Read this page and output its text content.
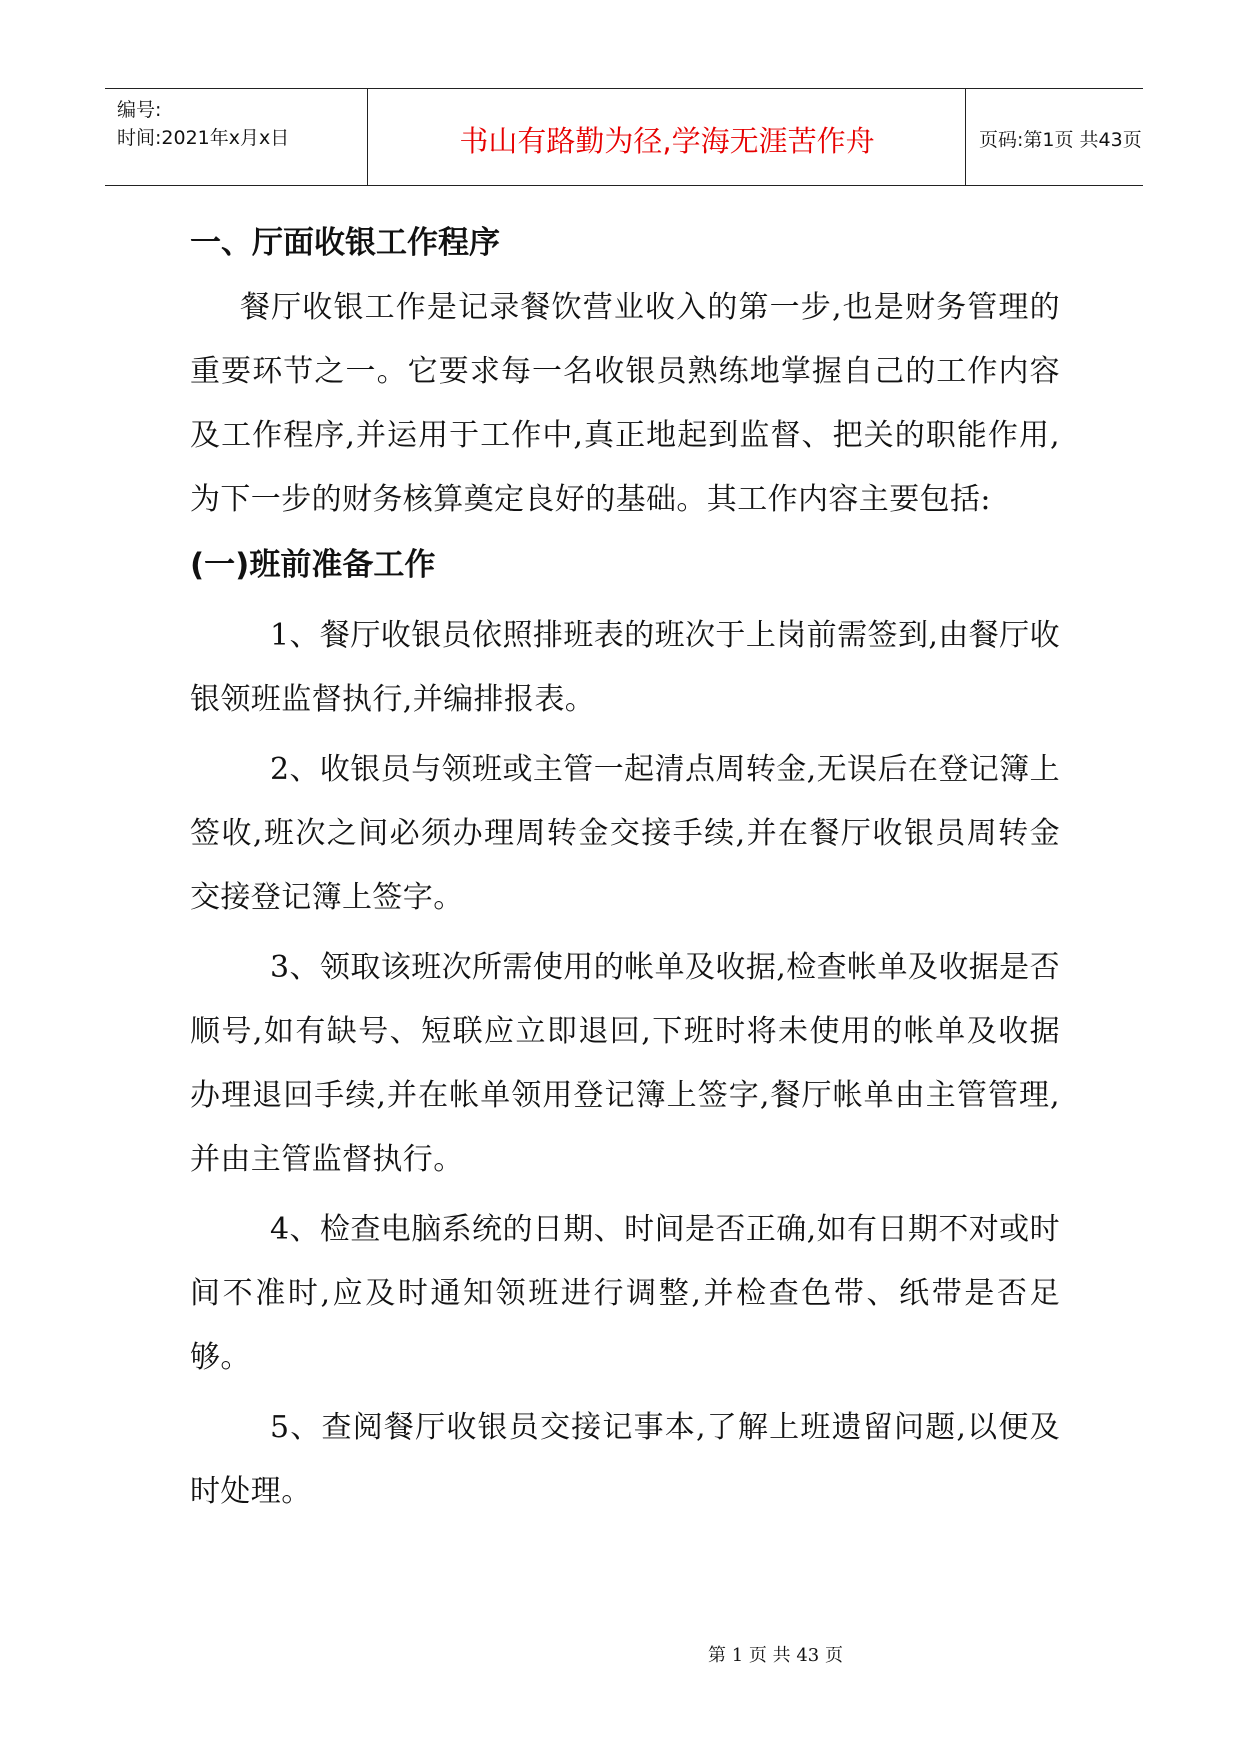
编号:
时间:2021年x月x日	书山有路勤为径,学海无涯苦作舟	页码:第1页 共43页
一、厅面收银工作程序
餐厅收银工作是记录餐饮营业收入的第一步,也是财务管理的重要环节之一。它要求每一名收银员熟练地掌握自己的工作内容及工作程序,并运用于工作中,真正地起到监督、把关的职能作用,为下一步的财务核算奠定良好的基础。其工作内容主要包括:
(一)班前准备工作
1、餐厅收银员依照排班表的班次于上岗前需签到,由餐厅收银领班监督执行,并编排报表。
2、收银员与领班或主管一起清点周转金,无误后在登记簿上签收,班次之间必须办理周转金交接手续,并在餐厅收银员周转金交接登记簿上签字。
3、领取该班次所需使用的帐单及收据,检查帐单及收据是否顺号,如有缺号、短联应立即退回,下班时将未使用的帐单及收据办理退回手续,并在帐单领用登记簿上签字,餐厅帐单由主管管理,并由主管监督执行。
4、检查电脑系统的日期、时间是否正确,如有日期不对或时间不准时,应及时通知领班进行调整,并检查色带、纸带是否足够。
5、查阅餐厅收银员交接记事本,了解上班遗留问题,以便及时处理。
第 1 页 共 43 页
